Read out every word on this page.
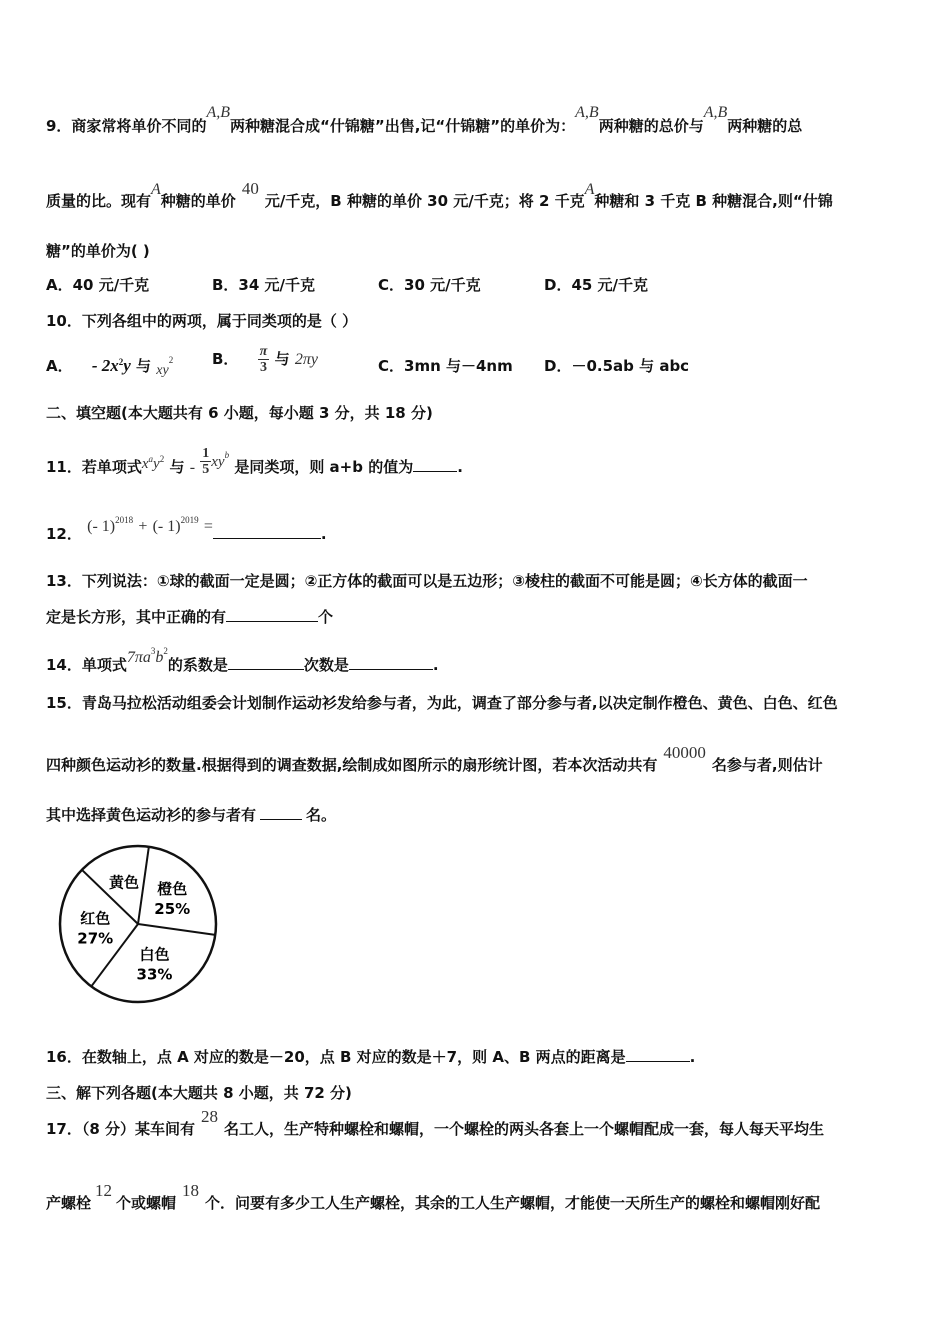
9．商家常将单价不同的A,B两种糖混合成“什锦糖”出售,记“什锦糖”的单价为：A,B两种糖的总价与A,B两种糖的总
质量的比。现有A种糖的单价40元/千克，B 种糖的单价 30 元/千克；将 2 千克A种糖和 3 千克 B 种糖混合,则“什锦
糖”的单价为( )
A．40 元/千克	B．34 元/千克	C．30 元/千克	D．45 元/千克
10．下列各组中的两项，属于同类项的是（ ）
A． - $2x^2y$ 与 $xy^2$	B． $\frac{\pi}{3}$ 与 2πy	C．3mn 与－4nm D．－0.5ab 与 abc
二、填空题(本大题共有 6 小题，每小题 3 分，共 18 分)
11．若单项式$x^ay^2$ 与 - $\frac{1}{5} xy^b$ 是同类项，则 a+b 的值为	.
12． (- 1)$^{2018}$ + (- 1)$^{2019}$ =	.
13．下列说法：①球的截面一定是圆；②正方体的截面可以是五边形；③棱柱的截面不可能是圆；④长方体的截面一
定是长方形，其中正确的有	个
14．单项式$7\pi a^3b^2$的系数是	次数是	.
15．青岛马拉松活动组委会计划制作运动衫发给参与者，为此，调查了部分参与者,以决定制作橙色、黄色、白色、红色
四种颜色运动衫的数量.根据得到的调查数据,绘制成如图所示的扇形统计图，若本次活动共有40000名参与者,则估计
其中选择黄色运动衫的参与者有	名。
橙色
25%
白色
33%
红色
27%
黄色
16．在数轴上，点 A 对应的数是－20，点 B 对应的数是＋7，则 A、B 两点的距离是	.
三、解下列各题(本大题共 8 小题，共 72 分)
17．（8 分）某车间有28名工人，生产特种螺栓和螺帽，一个螺栓的两头各套上一个螺帽配成一套，每人每天平均生
产螺栓12个或螺帽18个．问要有多少工人生产螺栓，其余的工人生产螺帽，才能使一天所生产的螺栓和螺帽刚好配
